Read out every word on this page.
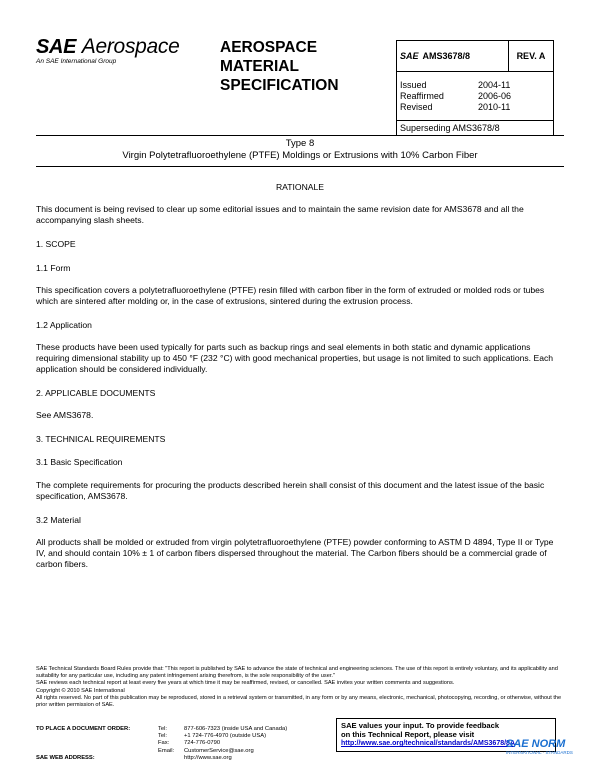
SAE Aerospace
An SAE International Group
AEROSPACE
MATERIAL
SPECIFICATION
SAE AMS3678/8	REV. A

Issued	2004-11
Reaffirmed	2006-06
Revised	2010-11

Superseding AMS3678/8
Type 8
Virgin Polytetrafluoroethylene (PTFE) Moldings or Extrusions with 10% Carbon Fiber
RATIONALE
This document is being revised to clear up some editorial issues and to maintain the same revision date for AMS3678 and all the accompanying slash sheets.
1. SCOPE
1.1 Form
This specification covers a polytetrafluoroethylene (PTFE) resin filled with carbon fiber in the form of extruded or molded rods or tubes which are sintered after molding or, in the case of extrusions, sintered during the extrusion process.
1.2 Application
These products have been used typically for parts such as backup rings and seal elements in both static and dynamic applications requiring dimensional stability up to 450 °F (232 °C) with good mechanical properties, but usage is not limited to such applications. Each application should be considered individually.
2. APPLICABLE DOCUMENTS
See AMS3678.
3. TECHNICAL REQUIREMENTS
3.1 Basic Specification
The complete requirements for procuring the products described herein shall consist of this document and the latest issue of the basic specification, AMS3678.
3.2 Material
All products shall be molded or extruded from virgin polytetrafluoroethylene (PTFE) powder conforming to ASTM D 4894, Type II or Type IV, and should contain 10% ± 1 of carbon fibers dispersed throughout the material. The Carbon fibers should be a commercial grade of carbon fibers.
SAE Technical Standards Board Rules provide that: "This report is published by SAE to advance the state of technical and engineering sciences. The use of this report is entirely voluntary, and its applicability and suitability for any particular use, including any patent infringement arising therefrom, is the sole responsibility of the user."
SAE reviews each technical report at least every five years at which time it may be reaffirmed, revised, or cancelled. SAE invites your written comments and suggestions.
Copyright © 2010 SAE International
All rights reserved. No part of this publication may be reproduced, stored in a retrieval system or transmitted, in any form or by any means, electronic, mechanical, photocopying, recording, or otherwise, without the prior written permission of SAE.
TO PLACE A DOCUMENT ORDER:	Tel:	877-606-7323 (inside USA and Canada)
Tel:	+1 724-776-4970 (outside USA)
Fax:	724-776-0790
Email: CustomerService@sae.org
SAE WEB ADDRESS:	http://www.sae.org
SAE values your input. To provide feedback
on this Technical Report, please visit
http://www.sae.org/technical/standards/AMS3678/8A
SAE NORM
INTERNATIONAL · STANDARDS
